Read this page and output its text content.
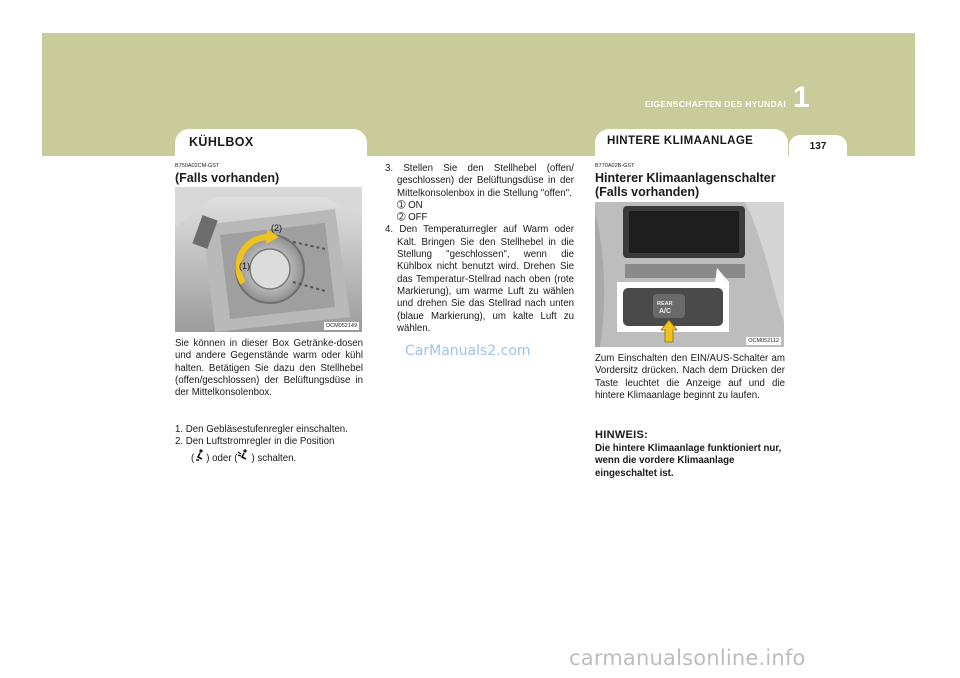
EIGENSCHAFTEN DES HYUNDAI 1
KÜHLBOX	HINTERE KLIMAANLAGE	137
B750A02CM-GST
(Falls vorhanden)
(1)
(2)
OCM052149

Sie können in dieser Box Getränke-dosen und andere Gegenstände warm oder kühl halten. Betätigen Sie dazu den Stellhebel (offen/geschlossen) der Belüftungsdüse in der Mittelkonsolenbox.

1. Den Gebläsestufenregler einschalten.
2. Den Luftstromregler in die Position
( ) oder ( ) schalten.
3. Stellen Sie den Stellhebel (offen/ geschlossen) der Belüftungsdüse in der Mittelkonsolenbox in die Stellung "offen".
➀ ON
➁ OFF
4. Den Temperaturregler auf Warm oder Kalt. Bringen Sie den Stellhebel in die Stellung "geschlossen", wenn die Kühlbox nicht benutzt wird. Drehen Sie das Temperatur-Stellrad nach oben (rote Markierung), um warme Luft zu wählen und drehen Sie das Stellrad nach unten (blaue Markierung), um kalte Luft zu wählen.
CarManuals2.com
B770A02B-GST
Hinterer Klimaanlagenschalter (Falls vorhanden)
REAR
A/C
OCM052112

Zum Einschalten den EIN/AUS-Schalter am Vordersitz drücken. Nach dem Drücken der Taste leuchtet die Anzeige auf und die hintere Klimaanlage beginnt zu laufen.

HINWEIS:

Die hintere Klimaanlage funktioniert nur, wenn die vordere Klimaanlage eingeschaltet ist.

carmanualsonline.info
